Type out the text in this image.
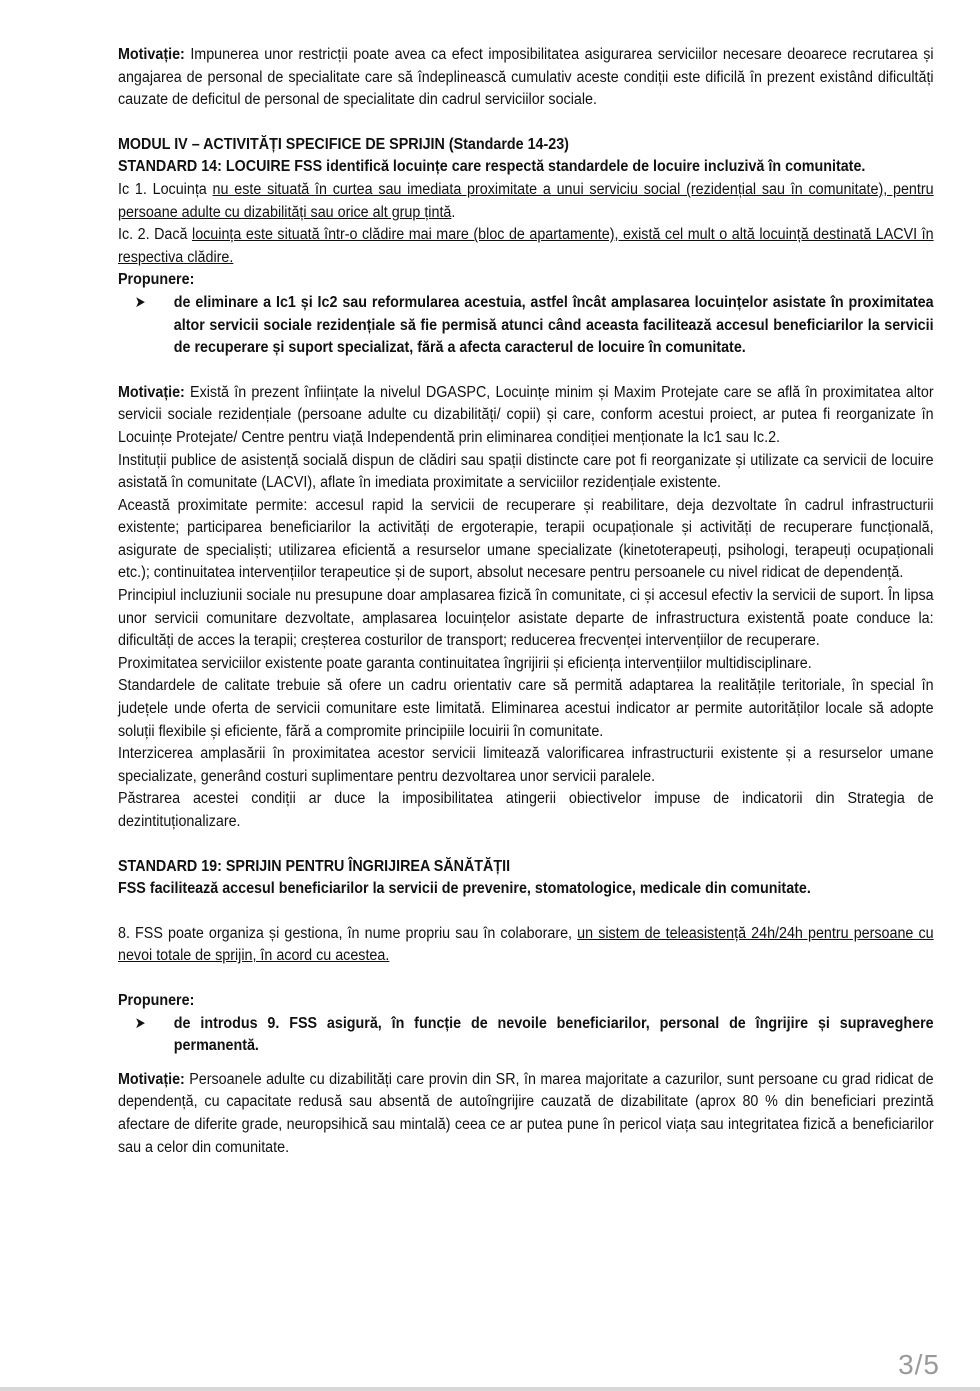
Motivație: Impunerea unor restricții poate avea ca efect imposibilitatea asigurarea serviciilor necesare deoarece recrutarea și angajarea de personal de specialitate care să îndeplinească cumulativ aceste condiții este dificilă în prezent existând dificultăți cauzate de deficitul de personal de specialitate din cadrul serviciilor sociale.

MODUL IV – ACTIVITĂȚI SPECIFICE DE SPRIJIN (Standarde 14-23)

STANDARD 14: LOCUIRE FSS identifică locuințe care respectă standardele de locuire incluzivă în comunitate.

Ic 1. Locuința nu este situată în curtea sau imediata proximitate a unui serviciu social (rezidențial sau în comunitate), pentru persoane adulte cu dizabilități sau orice alt grup țintă.

Ic. 2. Dacă locuința este situată într-o clădire mai mare (bloc de apartamente), există cel mult o altă locuință destinată LACVI în respectiva clădire.

Propunere:

➤	de eliminare a Ic1 și Ic2 sau reformularea acestuia, astfel încât amplasarea locuințelor asistate în proximitatea altor servicii sociale rezidențiale să fie permisă atunci când aceasta facilitează accesul beneficiarilor la servicii de recuperare și suport specializat, fără a afecta caracterul de locuire în comunitate.

Motivație: Există în prezent înființate la nivelul DGASPC, Locuințe minim și Maxim Protejate care se află în proximitatea altor servicii sociale rezidențiale (persoane adulte cu dizabilități/ copii) și care, conform acestui proiect, ar putea fi reorganizate în Locuințe Protejate/ Centre pentru viață Independentă prin eliminarea condiției menționate la Ic1 sau Ic.2.

Instituții publice de asistență socială dispun de clădiri sau spații distincte care pot fi reorganizate și utilizate ca servicii de locuire asistată în comunitate (LACVI), aflate în imediata proximitate a serviciilor rezidențiale existente.

Această proximitate permite: accesul rapid la servicii de recuperare și reabilitare, deja dezvoltate în cadrul infrastructurii existente; participarea beneficiarilor la activități de ergoterapie, terapii ocupaționale și activități de recuperare funcțională, asigurate de specialiști; utilizarea eficientă a resurselor umane specializate (kinetoterapeuți, psihologi, terapeuți ocupaționali etc.); continuitatea intervențiilor terapeutice și de suport, absolut necesare pentru persoanele cu nivel ridicat de dependență.

Principiul incluziunii sociale nu presupune doar amplasarea fizică în comunitate, ci și accesul efectiv la servicii de suport. În lipsa unor servicii comunitare dezvoltate, amplasarea locuințelor asistate departe de infrastructura existentă poate conduce la: dificultăți de acces la terapii; creșterea costurilor de transport; reducerea frecvenței intervențiilor de recuperare.

Proximitatea serviciilor existente poate garanta continuitatea îngrijirii și eficiența intervențiilor multidisciplinare.

Standardele de calitate trebuie să ofere un cadru orientativ care să permită adaptarea la realitățile teritoriale, în special în județele unde oferta de servicii comunitare este limitată. Eliminarea acestui indicator ar permite autorităților locale să adopte soluții flexibile și eficiente, fără a compromite principiile locuirii în comunitate.

Interzicerea amplasării în proximitatea acestor servicii limitează valorificarea infrastructurii existente și a resurselor umane specializate, generând costuri suplimentare pentru dezvoltarea unor servicii paralele.

Păstrarea acestei condiții ar duce la imposibilitatea atingerii obiectivelor impuse de indicatorii din Strategia de dezintituționalizare.

STANDARD 19: SPRIJIN PENTRU ÎNGRIJIREA SĂNĂTĂȚII

FSS facilitează accesul beneficiarilor la servicii de prevenire, stomatologice, medicale din comunitate.

8. FSS poate organiza și gestiona, în nume propriu sau în colaborare, un sistem de teleasistență 24h/24h pentru persoane cu nevoi totale de sprijin, în acord cu acestea.

Propunere:

➤	de introdus 9. FSS asigură, în funcție de nevoile beneficiarilor, personal de îngrijire și supraveghere permanentă.

Motivație: Persoanele adulte cu dizabilități care provin din SR, în marea majoritate a cazurilor, sunt persoane cu grad ridicat de dependență, cu capacitate redusă sau absentă de autoîngrijire cauzată de dizabilitate (aprox 80 % din beneficiari prezintă afectare de diferite grade, neuropsihică sau mintală) ceea ce ar putea pune în pericol viața sau integritatea fizică a beneficiarilor sau a celor din comunitate.

3/5
